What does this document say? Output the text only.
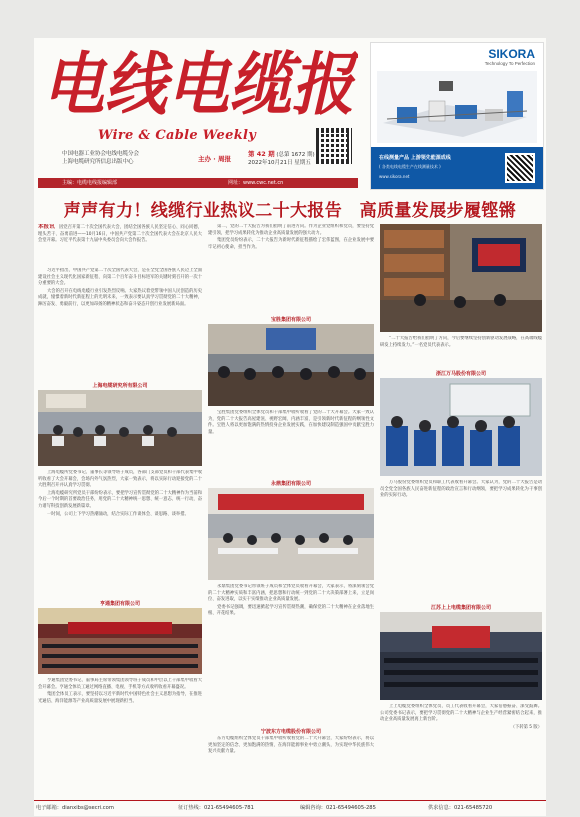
电线电缆报
Wire & Cable Weekly
中国电器工业协会电线电缆分会
上海电缆研究所信息出版中心	主办 · 周报
第 42 期 (总第 1672 期)
2022年10月21日 星期五
主编：电缆电线报编辑部	网址：www.cwc.net.cn
SIKORA
Technology To Perfection
在线测量产品 上游领先能源成线
( 各类电线电缆生产在线测量技术 )
www.sikora.net
声声有力！线缆行业热议二十大报告　高质量发展步履铿锵

本报讯　 因党召开第二十次全国代表大会，团结全国各族人民坚定信心、同心同德，埋头苦干、奋勇前进——10月16日，中国共产党第二十次全国代表大会在北京人民大会堂开幕。习近平代表第十九届中央委员会向大会作报告。

习近平指出，中国共产党第二十次全国代表大会，是在全党全国各族人民迈上全面建设社会主义现代化国家新征程、向第二个百年奋斗目标进军的关键时刻召开的一次十分重要的大会。

大会的召开在电线电缆行业引发热烈反响。大家热议着党带领中国人民创造的历史成就，憧憬着新时代新征程上的光明未来，一致表示要认真学习贯彻党的二十大精神，踔厉奋发、勇毅前行，以更加昂扬的精神状态和奋斗姿态开创行业发展新局面。

上海电缆研究所有限公司

上海电缆所党委书记、董事长等领导班子成员，各部门支部党员和干部代表集中收听收看了大会开幕会，会场内外气氛热烈，大家一致表示，将以实际行动迎接党的二十大胜利召开并认真学习贯彻。

上海电缆研究所党员干部纷纷表示，要把学习宣传贯彻党的二十大精神作为当前和今后一个时期的首要政治任务，用党的二十大精神统一思想、统一意志、统一行动，奋力谱写科技创新发展新篇章。

一时间，公司上下学习热潮涌动，结合实际工作谈体会、谈思路、谈举措。

亨通集团有限公司

亨通集团党委书记、董事局主席带领集团领导班子成员和中层以上干部集中收看大会开幕会。亨通全体员工通过网络直播、电视、手机等方式收听收看开幕盛况。

集团全体员工表示，要坚持以习近平新时代中国特色社会主义思想为指导，在推进光通信、海洋能源等产业高质量发展中展现新担当。

第二，党的二十大报告为我们指明了前进方向。作为企业党组织和党员，要坚持党建引领，把学习成果转化为推动企业高质量发展的强大动力。

集团党员纷纷表示，二十大报告为新时代新征程描绘了宏伟蓝图，在企业发展中要牢记初心使命，担当作为。

宝胜集团有限公司

宝胜集团党委组织全体党员和干部集中收听收看了党的二十大开幕会。大家一致认为，党的二十大报告高屋建瓴、视野宏阔、内涵丰富，是引领新时代新征程的纲领性文件。宝胜人将以更加饱满的热情投身企业发展实践，在加快建设制造强国中贡献宝胜力量。

永鼎集团有限公司

永鼎集团党委书记带领班子成员和全体党员收看开幕会，大家表示，将深刻领会党的二十大精神实质和丰富内涵，把思想和行动统一到党的二十大决策部署上来，立足岗位、奋发进取，以实干实绩推动企业高质量发展。

党委书记强调，要迅速掀起学习宣传贯彻热潮，确保党的二十大精神在企业落地生根、开花结果。

宁波东方电缆股份有限公司

东方电缆组织全体党员干部集中收听收看党的二十大开幕会，大家纷纷表示，将以更加坚定的信念、更加饱满的热情，在海洋能源事业中勇立潮头，为实现中华民族伟大复兴贡献力量。

“二十大报告给我们指明了方向，今后要继续坚持创新驱动发展战略，在高端线缆研发上持续发力。”一名党员代表表示。

浙江万马股份有限公司

万马股份党委组织党员和职工代表收看开幕会。大家认为，党的二十大报告是动员全党全国各族人民奋进新征程的政治宣言和行动纲领，要把学习成果转化为干事创业的实际行动。

江苏上上电缆集团有限公司

上上电缆党委组织全体党员、员工代表收看开幕会，大家倍感振奋、深受鼓舞。公司党委书记表示，要把学习贯彻党的二十大精神与企业生产经营紧密结合起来，推动企业高质量发展再上新台阶。

（下转第 5 版）

电子邮箱：dianxibs@secri.com	征订热线：021-65494605-781	编辑咨询：021-65494605-285	供求信息：021-65485720
